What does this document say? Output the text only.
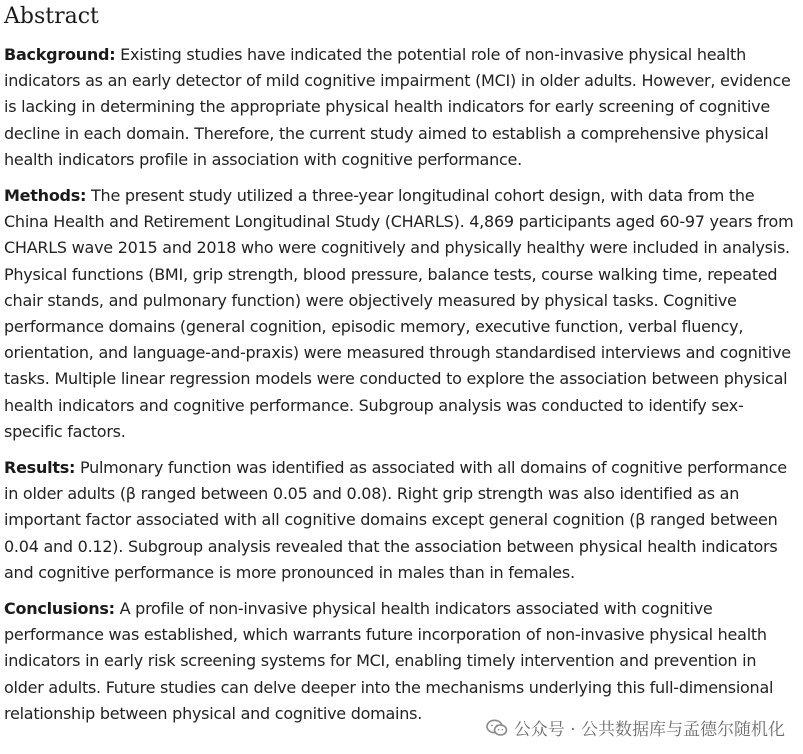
Abstract

Background: Existing studies have indicated the potential role of non-invasive physical health indicators as an early detector of mild cognitive impairment (MCI) in older adults. However, evidence is lacking in determining the appropriate physical health indicators for early screening of cognitive decline in each domain. Therefore, the current study aimed to establish a comprehensive physical health indicators profile in association with cognitive performance.

Methods: The present study utilized a three-year longitudinal cohort design, with data from the China Health and Retirement Longitudinal Study (CHARLS). 4,869 participants aged 60-97 years from CHARLS wave 2015 and 2018 who were cognitively and physically healthy were included in analysis. Physical functions (BMI, grip strength, blood pressure, balance tests, course walking time, repeated chair stands, and pulmonary function) were objectively measured by physical tasks. Cognitive performance domains (general cognition, episodic memory, executive function, verbal fluency, orientation, and language-and-praxis) were measured through standardised interviews and cognitive tasks. Multiple linear regression models were conducted to explore the association between physical health indicators and cognitive performance. Subgroup analysis was conducted to identify sex-specific factors.

Results: Pulmonary function was identified as associated with all domains of cognitive performance in older adults (β ranged between 0.05 and 0.08). Right grip strength was also identified as an important factor associated with all cognitive domains except general cognition (β ranged between 0.04 and 0.12). Subgroup analysis revealed that the association between physical health indicators and cognitive performance is more pronounced in males than in females.

Conclusions: A profile of non-invasive physical health indicators associated with cognitive performance was established, which warrants future incorporation of non-invasive physical health indicators in early risk screening systems for MCI, enabling timely intervention and prevention in older adults. Future studies can delve deeper into the mechanisms underlying this full-dimensional relationship between physical and cognitive domains.

公众号 · 公共数据库与孟德尔随机化
